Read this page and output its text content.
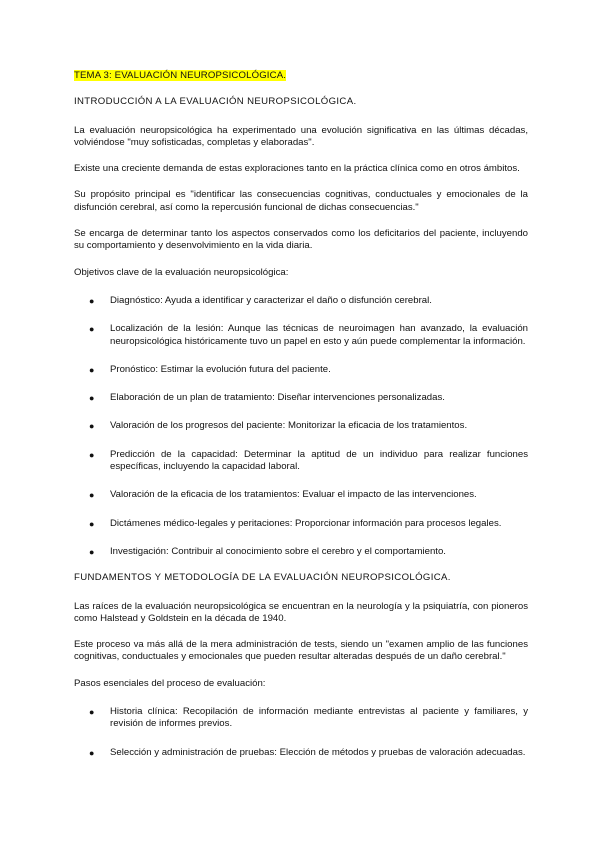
TEMA 3: EVALUACIÓN NEUROPSICOLÓGICA.
INTRODUCCIÓN A LA EVALUACIÓN NEUROPSICOLÓGICA.

La evaluación neuropsicológica ha experimentado una evolución significativa en las últimas décadas, volviéndose "muy sofisticadas, completas y elaboradas".

Existe una creciente demanda de estas exploraciones tanto en la práctica clínica como en otros ámbitos.

Su propósito principal es "identificar las consecuencias cognitivas, conductuales y emocionales de la disfunción cerebral, así como la repercusión funcional de dichas consecuencias."

Se encarga de determinar tanto los aspectos conservados como los deficitarios del paciente, incluyendo su comportamiento y desenvolvimiento en la vida diaria.

Objetivos clave de la evaluación neuropsicológica:
● Diagnóstico: Ayuda a identificar y caracterizar el daño o disfunción cerebral.
● Localización de la lesión: Aunque las técnicas de neuroimagen han avanzado, la evaluación neuropsicológica históricamente tuvo un papel en esto y aún puede complementar la información.
● Pronóstico: Estimar la evolución futura del paciente.
● Elaboración de un plan de tratamiento: Diseñar intervenciones personalizadas.
● Valoración de los progresos del paciente: Monitorizar la eficacia de los tratamientos.
● Predicción de la capacidad: Determinar la aptitud de un individuo para realizar funciones específicas, incluyendo la capacidad laboral.
● Valoración de la eficacia de los tratamientos: Evaluar el impacto de las intervenciones.
● Dictámenes médico-legales y peritaciones: Proporcionar información para procesos legales.
● Investigación: Contribuir al conocimiento sobre el cerebro y el comportamiento.
FUNDAMENTOS Y METODOLOGÍA DE LA EVALUACIÓN NEUROPSICOLÓGICA.

Las raíces de la evaluación neuropsicológica se encuentran en la neurología y la psiquiatría, con pioneros como Halstead y Goldstein en la década de 1940.

Este proceso va más allá de la mera administración de tests, siendo un "examen amplio de las funciones cognitivas, conductuales y emocionales que pueden resultar alteradas después de un daño cerebral."

Pasos esenciales del proceso de evaluación:
● Historia clínica: Recopilación de información mediante entrevistas al paciente y familiares, y revisión de informes previos.
● Selección y administración de pruebas: Elección de métodos y pruebas de valoración adecuadas.
